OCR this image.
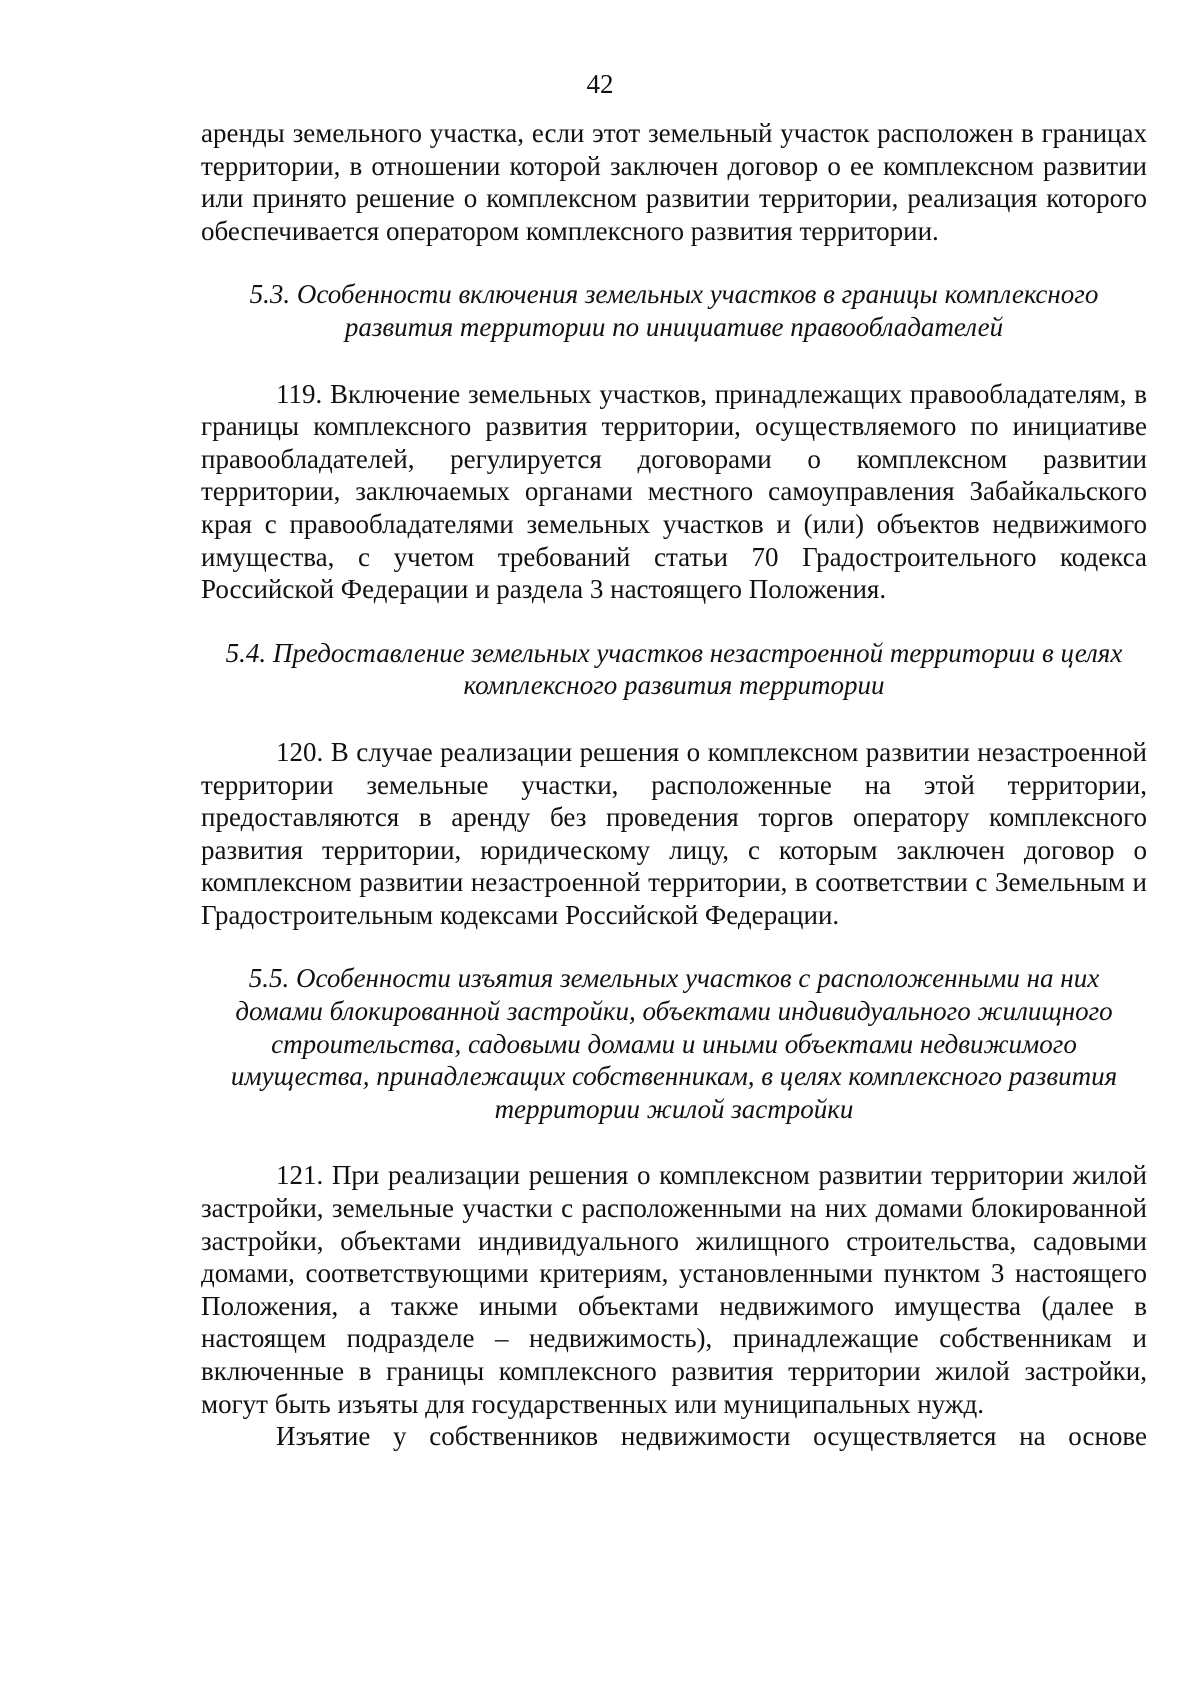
42

аренды земельного участка, если этот земельный участок расположен в границах территории, в отношении которой заключен договор о ее комплексном развитии или принято решение о комплексном развитии территории, реализация которого обеспечивается оператором комплексного развития территории.

5.3. Особенности включения земельных участков в границы комплексного развития территории по инициативе правообладателей

119. Включение земельных участков, принадлежащих правообладателям, в границы комплексного развития территории, осуществляемого по инициативе правообладателей, регулируется договорами о комплексном развитии территории, заключаемых органами местного самоуправления Забайкальского края с правообладателями земельных участков и (или) объектов недвижимого имущества, с учетом требований статьи 70 Градостроительного кодекса Российской Федерации и раздела 3 настоящего Положения.

5.4. Предоставление земельных участков незастроенной территории в целях комплексного развития территории

120. В случае реализации решения о комплексном развитии незастроенной территории земельные участки, расположенные на этой территории, предоставляются в аренду без проведения торгов оператору комплексного развития территории, юридическому лицу, с которым заключен договор о комплексном развитии незастроенной территории, в соответствии с Земельным и Градостроительным кодексами Российской Федерации.

5.5. Особенности изъятия земельных участков с расположенными на них домами блокированной застройки, объектами индивидуального жилищного строительства, садовыми домами и иными объектами недвижимого имущества, принадлежащих собственникам, в целях комплексного развития территории жилой застройки

121. При реализации решения о комплексном развитии территории жилой застройки, земельные участки с расположенными на них домами блокированной застройки, объектами индивидуального жилищного строительства, садовыми домами, соответствующими критериям, установленными пунктом 3 настоящего Положения, а также иными объектами недвижимого имущества (далее в настоящем подразделе – недвижимость), принадлежащие собственникам и включенные в границы комплексного развития территории жилой застройки, могут быть изъяты для государственных или муниципальных нужд.

Изъятие у собственников недвижимости осуществляется на основе
